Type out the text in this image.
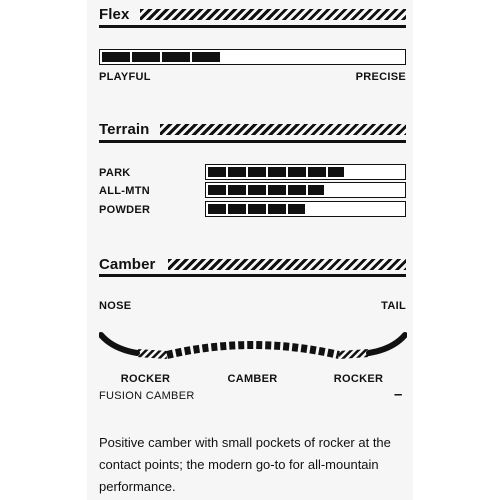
Flex
PLAYFUL	PRECISE
Terrain
PARK
ALL-MTN
POWDER
Camber
NOSE	TAIL
ROCKER	CAMBER	ROCKER
FUSION CAMBER	–
Positive camber with small pockets of rocker at the contact points; the modern go-to for all-mountain performance.
